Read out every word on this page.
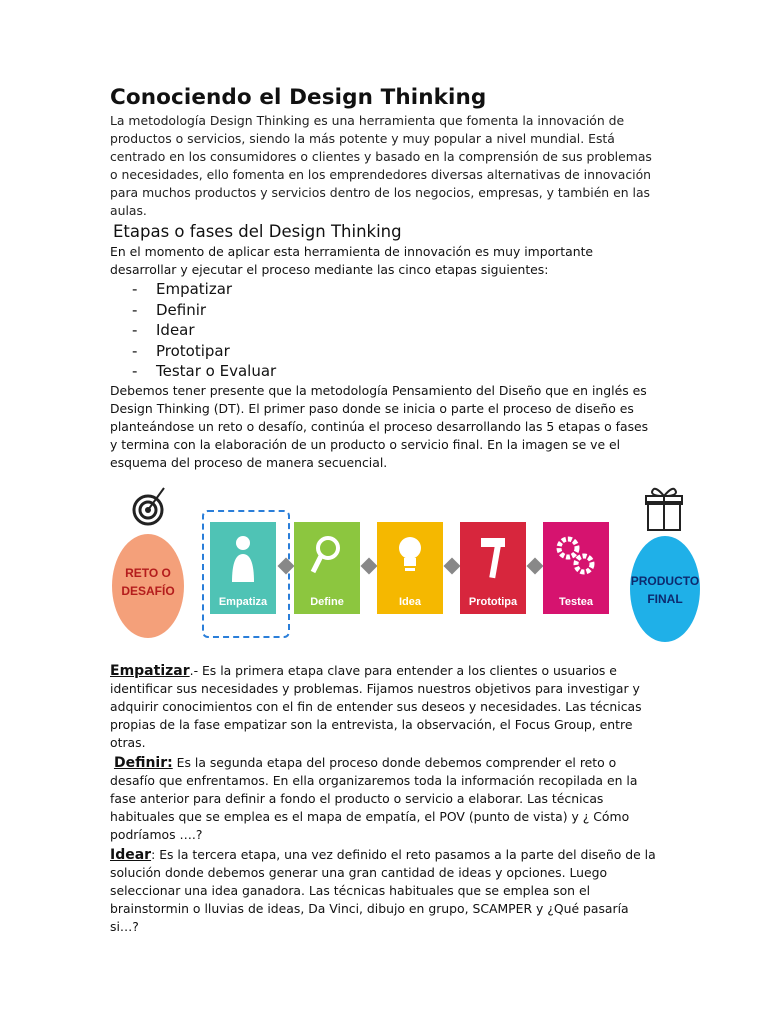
Conociendo el Design Thinking

La metodología Design Thinking es una herramienta que fomenta la innovación de productos o servicios, siendo la más potente y muy popular a nivel mundial. Está centrado en los consumidores o clientes y basado en la comprensión de sus problemas o necesidades, ello fomenta en los emprendedores diversas alternativas de innovación para muchos productos y servicios dentro de los negocios, empresas, y también en las aulas.

Etapas o fases del Design Thinking

En el momento de aplicar esta herramienta de innovación es muy importante desarrollar y ejecutar el proceso mediante las cinco etapas siguientes:

- Empatizar
- Definir
- Idear
- Prototipar
- Testar o Evaluar

Debemos tener presente que la metodología Pensamiento del Diseño que en inglés es Design Thinking (DT). El primer paso donde se inicia o parte el proceso de diseño es planteándose un reto o desafío, continúa el proceso desarrollando las 5 etapas o fases y termina con la elaboración de un producto o servicio final. En la imagen se ve el esquema del proceso de manera secuencial.

RETO O
DESAFÍO
Empatiza	Define	Idea	Prototipa	Testea
PRODUCTO
FINAL

Empatizar.- Es la primera etapa clave para entender a los clientes o usuarios e identificar sus necesidades y problemas. Fijamos nuestros objetivos para investigar y adquirir conocimientos con el fin de entender sus deseos y necesidades. Las técnicas propias de la fase empatizar son la entrevista, la observación, el Focus Group, entre otras.

Definir: Es la segunda etapa del proceso donde debemos comprender el reto o desafío que enfrentamos. En ella organizaremos toda la información recopilada en la fase anterior para definir a fondo el producto o servicio a elaborar. Las técnicas habituales que se emplea es el mapa de empatía, el POV (punto de vista) y ¿ Cómo podríamos ….?

Idear: Es la tercera etapa, una vez definido el reto pasamos a la parte del diseño de la solución donde debemos generar una gran cantidad de ideas y opciones. Luego seleccionar una idea ganadora. Las técnicas habituales que se emplea son el brainstormin o lluvias de ideas, Da Vinci, dibujo en grupo, SCAMPER y ¿Qué pasaría si…?
